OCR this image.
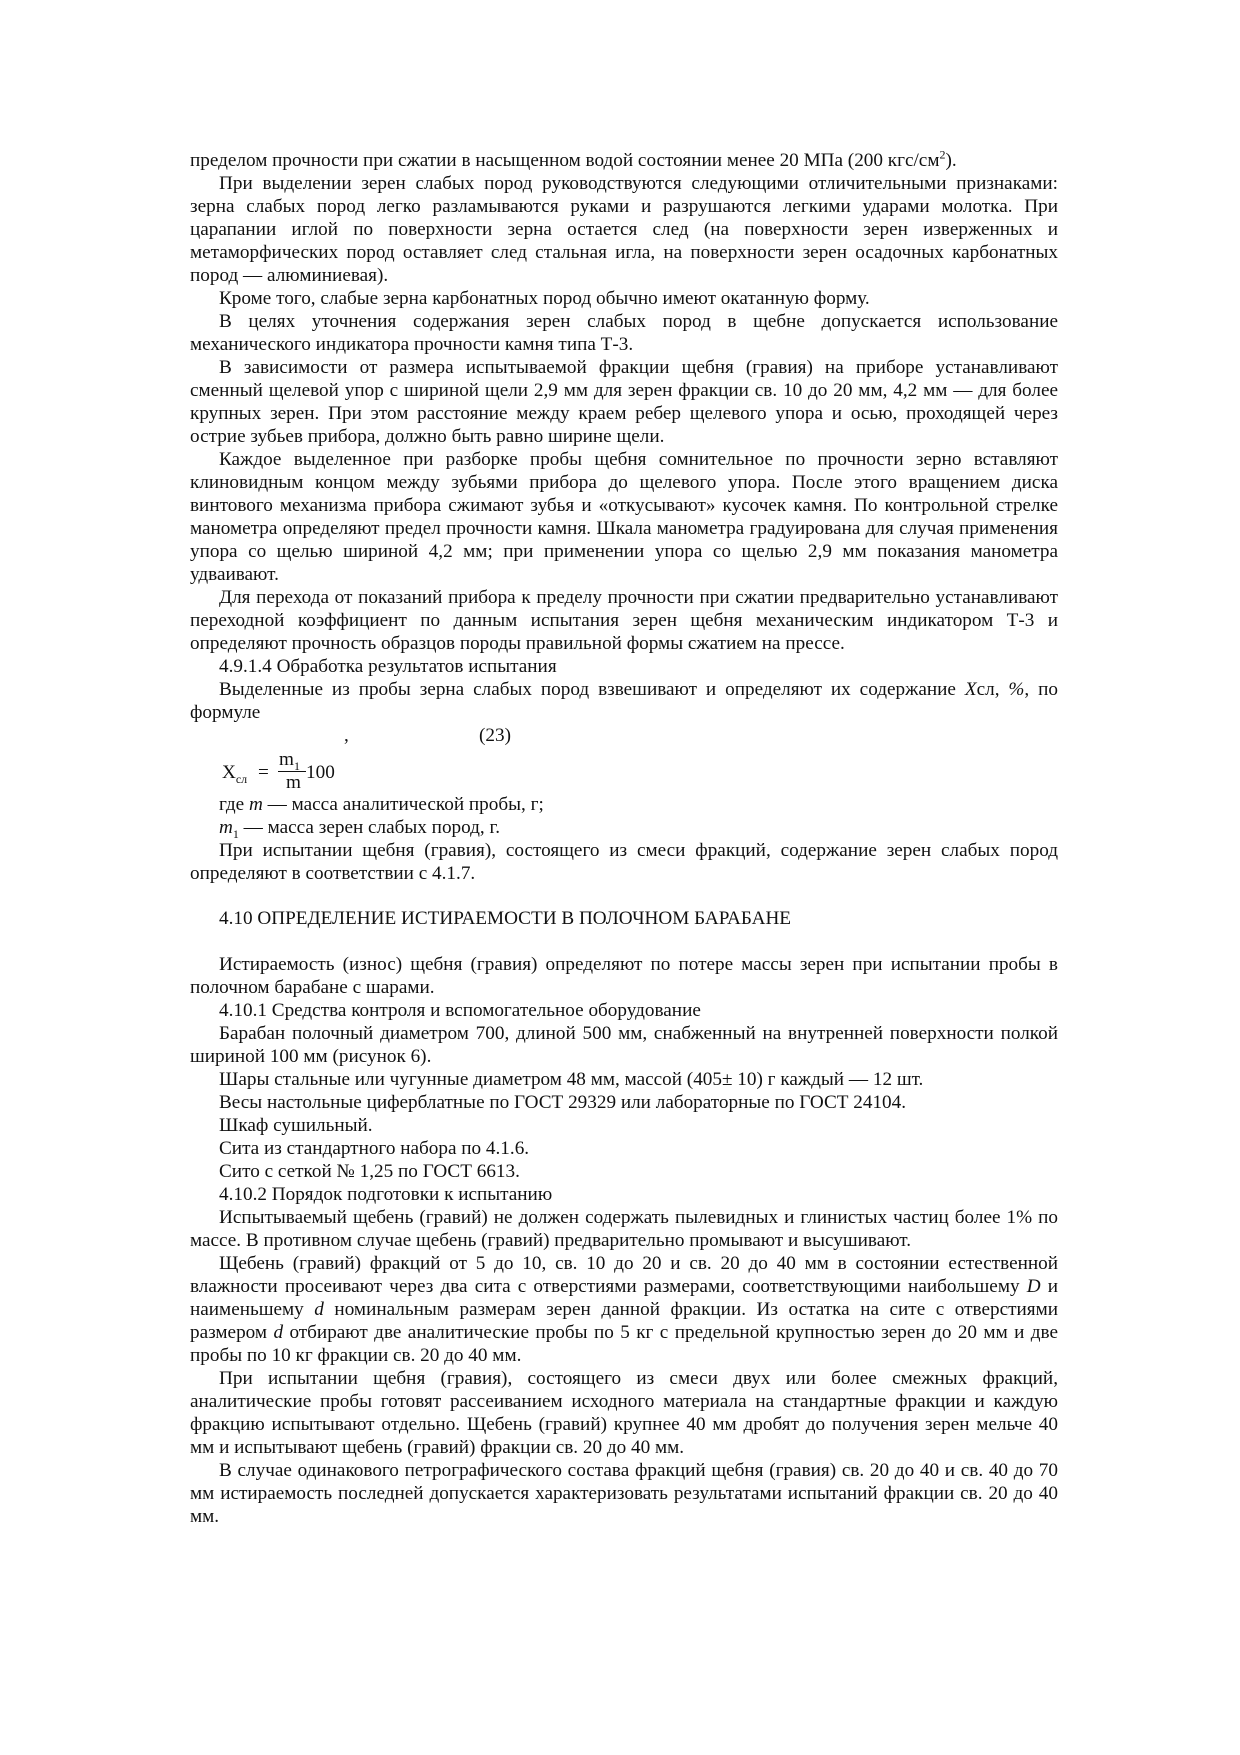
пределом прочности при сжатии в насыщенном водой состоянии менее 20 МПа (200 кгс/$см^2$).

При выделении зерен слабых пород руководствуются следующими отличительными признаками: зерна слабых пород легко разламываются руками и разрушаются легкими ударами молотка. При царапании иглой по поверхности зерна остается след (на поверхности зерен изверженных и метаморфических пород оставляет след стальная игла, на поверхности зерен осадочных карбонатных пород — алюминиевая).

Кроме того, слабые зерна карбонатных пород обычно имеют окатанную форму.

В целях уточнения содержания зерен слабых пород в щебне допускается использование механического индикатора прочности камня типа Т-3.

В зависимости от размера испытываемой фракции щебня (гравия) на приборе устанавливают сменный щелевой упор с шириной щели 2,9 мм для зерен фракции св. 10 до 20 мм, 4,2 мм — для более крупных зерен. При этом расстояние между краем ребер щелевого упора и осью, проходящей через острие зубьев прибора, должно быть равно ширине щели.

Каждое выделенное при разборке пробы щебня сомнительное по прочности зерно вставляют клиновидным концом между зубьями прибора до щелевого упора. После этого вращением диска винтового механизма прибора сжимают зубья и «откусывают» кусочек камня. По контрольной стрелке манометра определяют предел прочности камня. Шкала манометра градуирована для случая применения упора со щелью шириной 4,2 мм; при применении упора со щелью 2,9 мм показания манометра удваивают.

Для перехода от показаний прибора к пределу прочности при сжатии предварительно устанавливают переходной коэффициент по данным испытания зерен щебня механическим индикатором Т-3 и определяют прочность образцов породы правильной формы сжатием на прессе.

4.9.1.4 Обработка результатов испытания

Выделенные из пробы зерна слабых пород взвешивают и определяют их содержание Хсл, %, по формуле

,	(23)
$Х_{сл}$ =
$m_1$
m 100

где m — масса аналитической пробы, г;

$m_1$ — масса зерен слабых пород, г.

При испытании щебня (гравия), состоящего из смеси фракций, содержание зерен слабых пород определяют в соответствии с 4.1.7.

4.10 ОПРЕДЕЛЕНИЕ ИСТИРАЕМОСТИ В ПОЛОЧНОМ БАРАБАНЕ

Истираемость (износ) щебня (гравия) определяют по потере массы зерен при испытании пробы в полочном барабане с шарами.

4.10.1 Средства контроля и вспомогательное оборудование

Барабан полочный диаметром 700, длиной 500 мм, снабженный на внутренней поверхности полкой шириной 100 мм (рисунок 6).

Шары стальные или чугунные диаметром 48 мм, массой (405± 10) г каждый — 12 шт.

Весы настольные циферблатные по ГОСТ 29329 или лабораторные по ГОСТ 24104.

Шкаф сушильный.

Сита из стандартного набора по 4.1.6.

Сито с сеткой № 1,25 по ГОСТ 6613.

4.10.2 Порядок подготовки к испытанию

Испытываемый щебень (гравий) не должен содержать пылевидных и глинистых частиц более 1% по массе. В противном случае щебень (гравий) предварительно промывают и высушивают.

Щебень (гравий) фракций от 5 до 10, св. 10 до 20 и св. 20 до 40 мм в состоянии естественной влажности просеивают через два сита с отверстиями размерами, соответствующими наибольшему D и наименьшему d номинальным размерам зерен данной фракции. Из остатка на сите с отверстиями размером d отбирают две аналитические пробы по 5 кг с предельной крупностью зерен до 20 мм и две пробы по 10 кг фракции св. 20 до 40 мм.

При испытании щебня (гравия), состоящего из смеси двух или более смежных фракций, аналитические пробы готовят рассеиванием исходного материала на стандартные фракции и каждую фракцию испытывают отдельно. Щебень (гравий) крупнее 40 мм дробят до получения зерен мельче 40 мм и испытывают щебень (гравий) фракции св. 20 до 40 мм.

В случае одинакового петрографического состава фракций щебня (гравия) св. 20 до 40 и св. 40 до 70 мм истираемость последней допускается характеризовать результатами испытаний фракции св. 20 до 40 мм.
